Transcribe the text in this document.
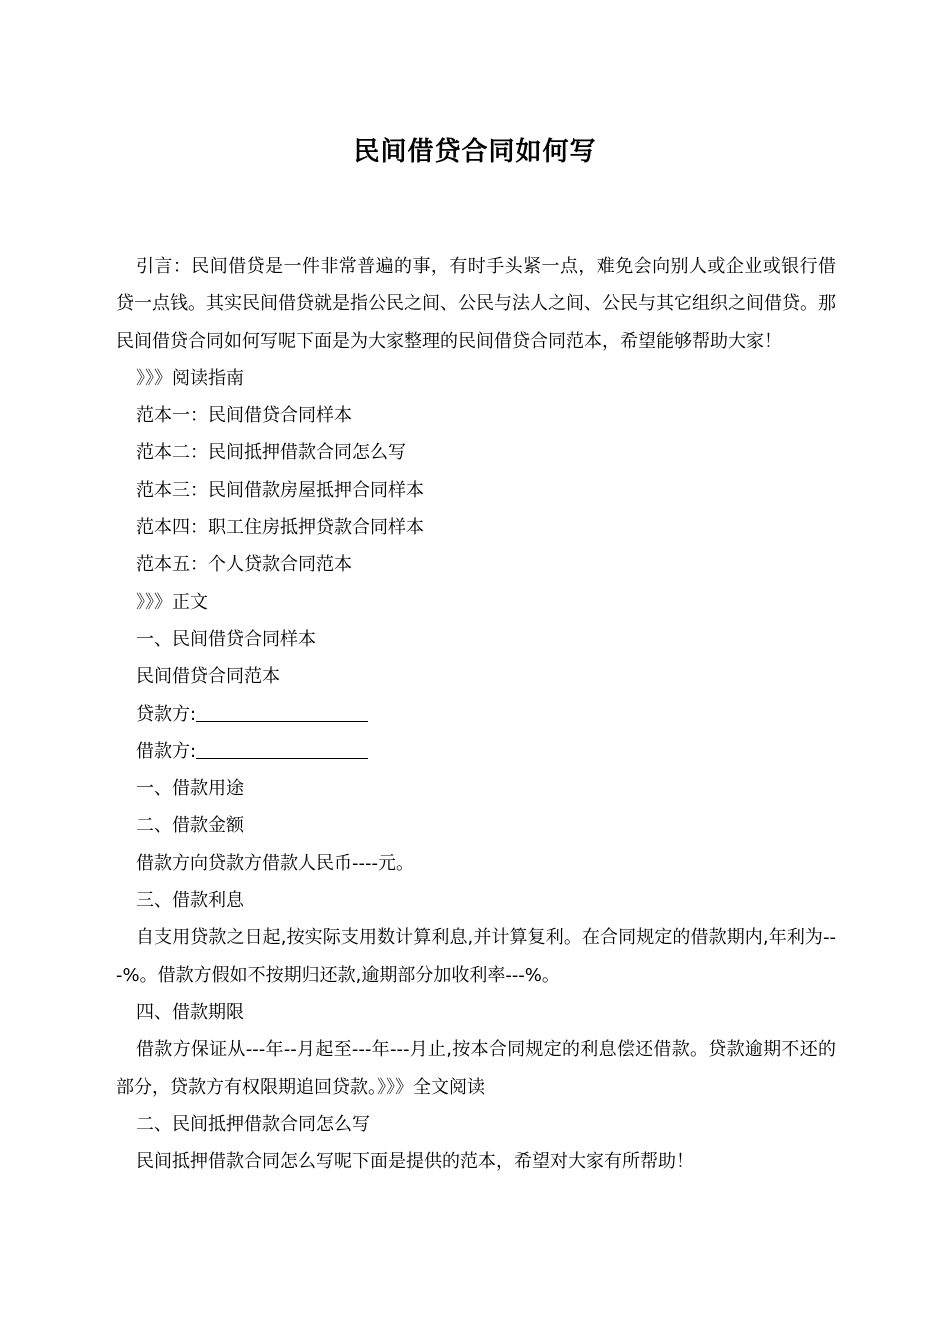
民间借贷合同如何写

引言：民间借贷是一件非常普遍的事，有时手头紧一点，难免会向别人或企业或银行借贷一点钱。其实民间借贷就是指公民之间、公民与法人之间、公民与其它组织之间借贷。那民间借贷合同如何写呢下面是为大家整理的民间借贷合同范本，希望能够帮助大家！

》》》阅读指南

范本一：民间借贷合同样本

范本二：民间抵押借款合同怎么写

范本三：民间借款房屋抵押合同样本

范本四：职工住房抵押贷款合同样本

范本五：个人贷款合同范本

》》》正文

一、民间借贷合同样本

民间借贷合同范本

贷款方:

借款方:

一、借款用途

二、借款金额

借款方向贷款方借款人民币----元。

三、借款利息

自支用贷款之日起,按实际支用数计算利息,并计算复利。在合同规定的借款期内,年利为---%。借款方假如不按期归还款,逾期部分加收利率---%。

四、借款期限

借款方保证从---年--月起至---年---月止,按本合同规定的利息偿还借款。贷款逾期不还的部分，贷款方有权限期追回贷款。》》》全文阅读

二、民间抵押借款合同怎么写

民间抵押借款合同怎么写呢下面是提供的范本，希望对大家有所帮助！
